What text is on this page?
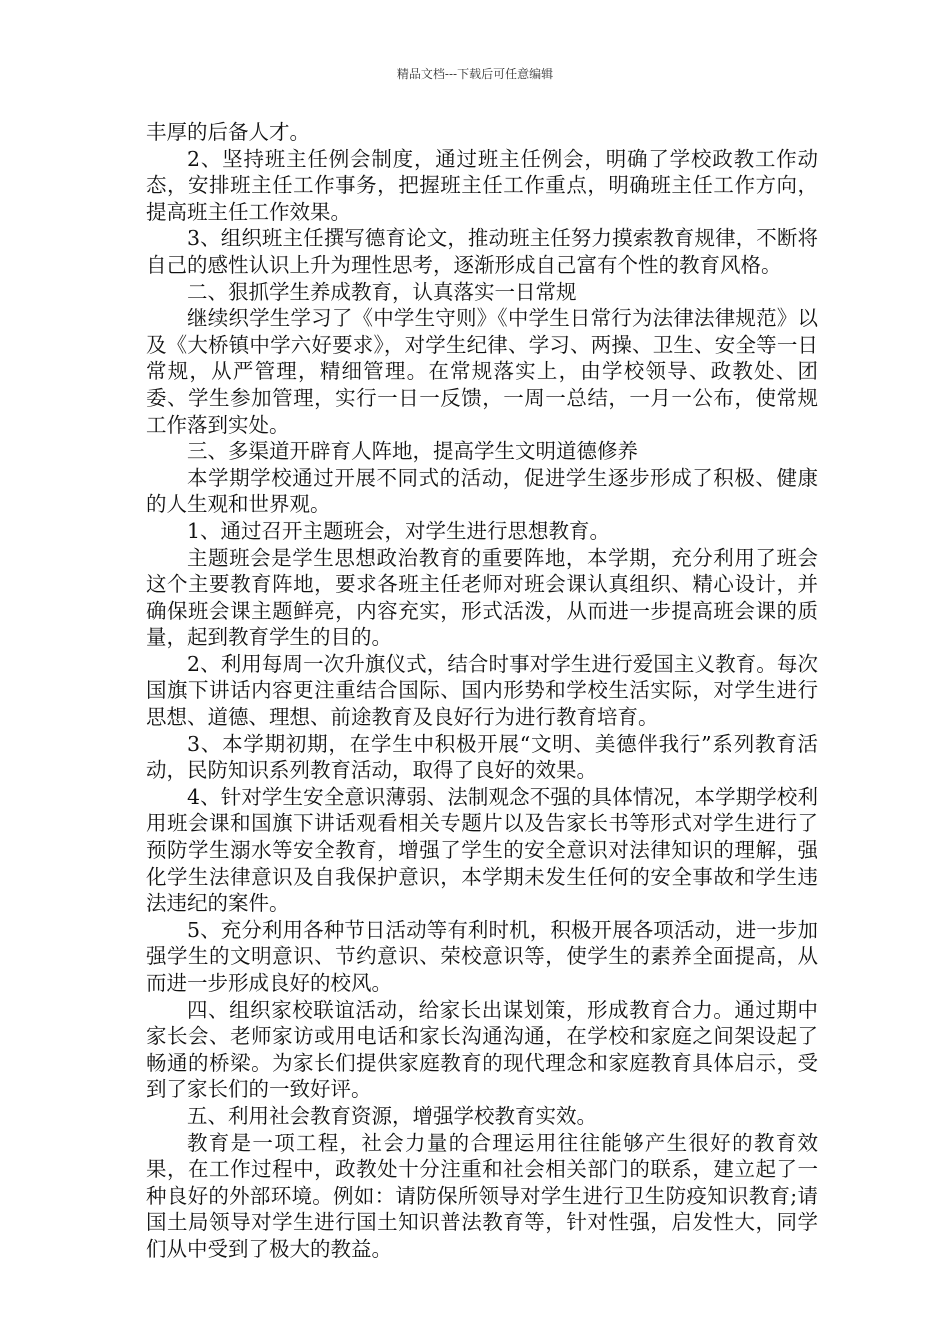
精品文档---下载后可任意编辑

丰厚的后备人才。

2、坚持班主任例会制度，通过班主任例会，明确了学校政教工作动态，安排班主任工作事务，把握班主任工作重点，明确班主任工作方向，提高班主任工作效果。

3、组织班主任撰写德育论文，推动班主任努力摸索教育规律，不断将自己的感性认识上升为理性思考，逐渐形成自己富有个性的教育风格。

二、狠抓学生养成教育，认真落实一日常规

继续织学生学习了《中学生守则》《中学生日常行为法律法律规范》以及《大桥镇中学六好要求》，对学生纪律、学习、两操、卫生、安全等一日常规，从严管理，精细管理。在常规落实上，由学校领导、政教处、团委、学生参加管理，实行一日一反馈，一周一总结，一月一公布，使常规工作落到实处。

三、多渠道开辟育人阵地，提高学生文明道德修养

本学期学校通过开展不同式的活动，促进学生逐步形成了积极、健康的人生观和世界观。

1、通过召开主题班会，对学生进行思想教育。

主题班会是学生思想政治教育的重要阵地，本学期，充分利用了班会这个主要教育阵地，要求各班主任老师对班会课认真组织、精心设计，并确保班会课主题鲜亮，内容充实，形式活泼，从而进一步提高班会课的质量，起到教育学生的目的。

2、利用每周一次升旗仪式，结合时事对学生进行爱国主义教育。每次国旗下讲话内容更注重结合国际、国内形势和学校生活实际，对学生进行思想、道德、理想、前途教育及良好行为进行教育培育。

3、本学期初期，在学生中积极开展“文明、美德伴我行”系列教育活动，民防知识系列教育活动，取得了良好的效果。

4、针对学生安全意识薄弱、法制观念不强的具体情况，本学期学校利用班会课和国旗下讲话观看相关专题片以及告家长书等形式对学生进行了预防学生溺水等安全教育，增强了学生的安全意识对法律知识的理解，强化学生法律意识及自我保护意识，本学期未发生任何的安全事故和学生违法违纪的案件。

5、充分利用各种节日活动等有利时机，积极开展各项活动，进一步加强学生的文明意识、节约意识、荣校意识等，使学生的素养全面提高，从而进一步形成良好的校风。

四、组织家校联谊活动，给家长出谋划策，形成教育合力。通过期中家长会、老师家访或用电话和家长沟通沟通，在学校和家庭之间架设起了畅通的桥梁。为家长们提供家庭教育的现代理念和家庭教育具体启示，受到了家长们的一致好评。

五、利用社会教育资源，增强学校教育实效。

教育是一项工程，社会力量的合理运用往往能够产生很好的教育效果，在工作过程中，政教处十分注重和社会相关部门的联系，建立起了一种良好的外部环境。例如：请防保所领导对学生进行卫生防疫知识教育;请国土局领导对学生进行国土知识普法教育等，针对性强，启发性大，同学们从中受到了极大的教益。
